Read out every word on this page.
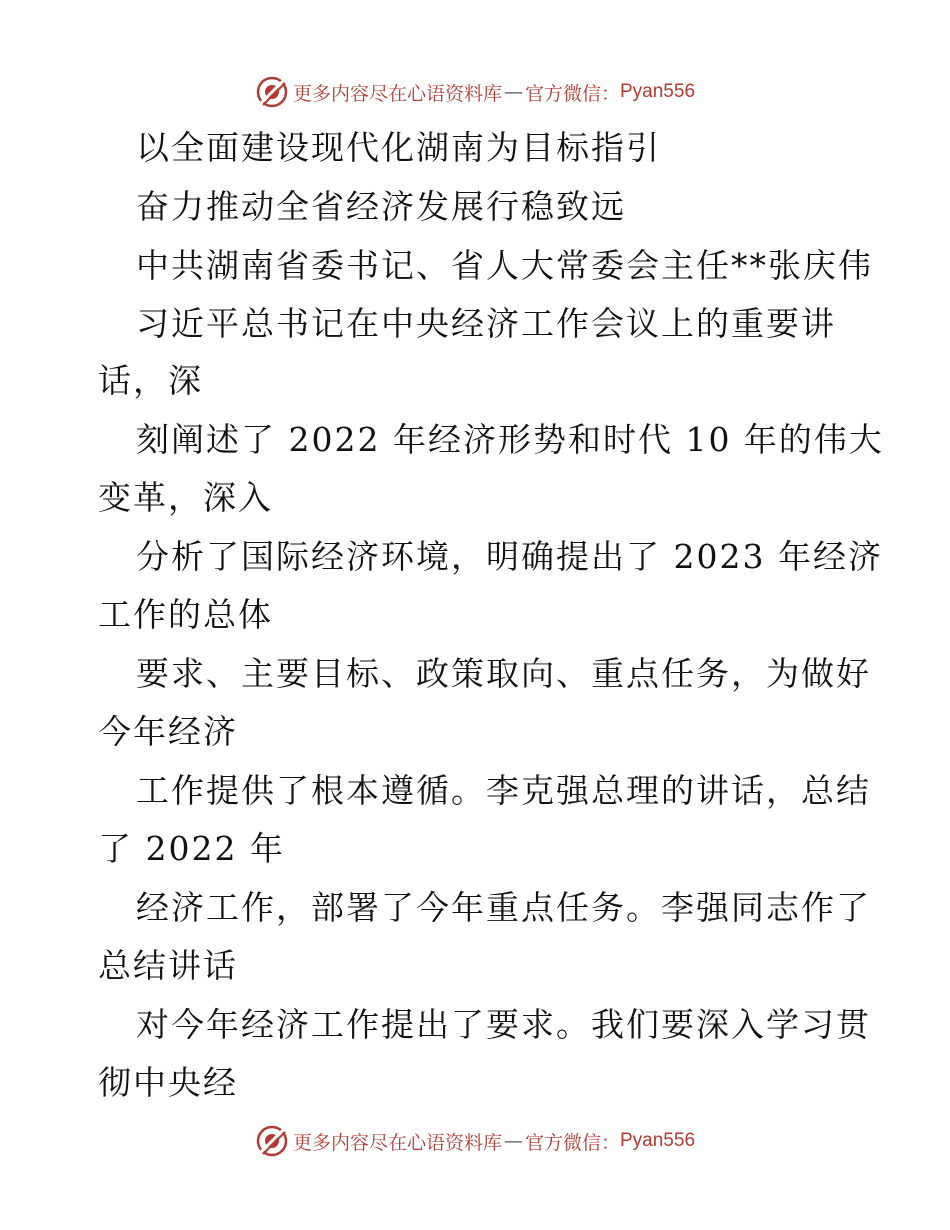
更多内容尽在心语资料库 — 官方微信： Pyan556
以全面建设现代化湖南为目标指引
奋力推动全省经济发展行稳致远
中共湖南省委书记、省人大常委会主任**张庆伟
习近平总书记在中央经济工作会议上的重要讲
话，深
刻阐述了 2022 年经济形势和时代 10 年的伟大
变革，深入
分析了国际经济环境，明确提出了 2023 年经济
工作的总体
要求、主要目标、政策取向、重点任务，为做好
今年经济
工作提供了根本遵循。李克强总理的讲话，总结
了 2022 年
经济工作，部署了今年重点任务。李强同志作了
总结讲话
对今年经济工作提出了要求。我们要深入学习贯
彻中央经
更多内容尽在心语资料库 — 官方微信： Pyan556
